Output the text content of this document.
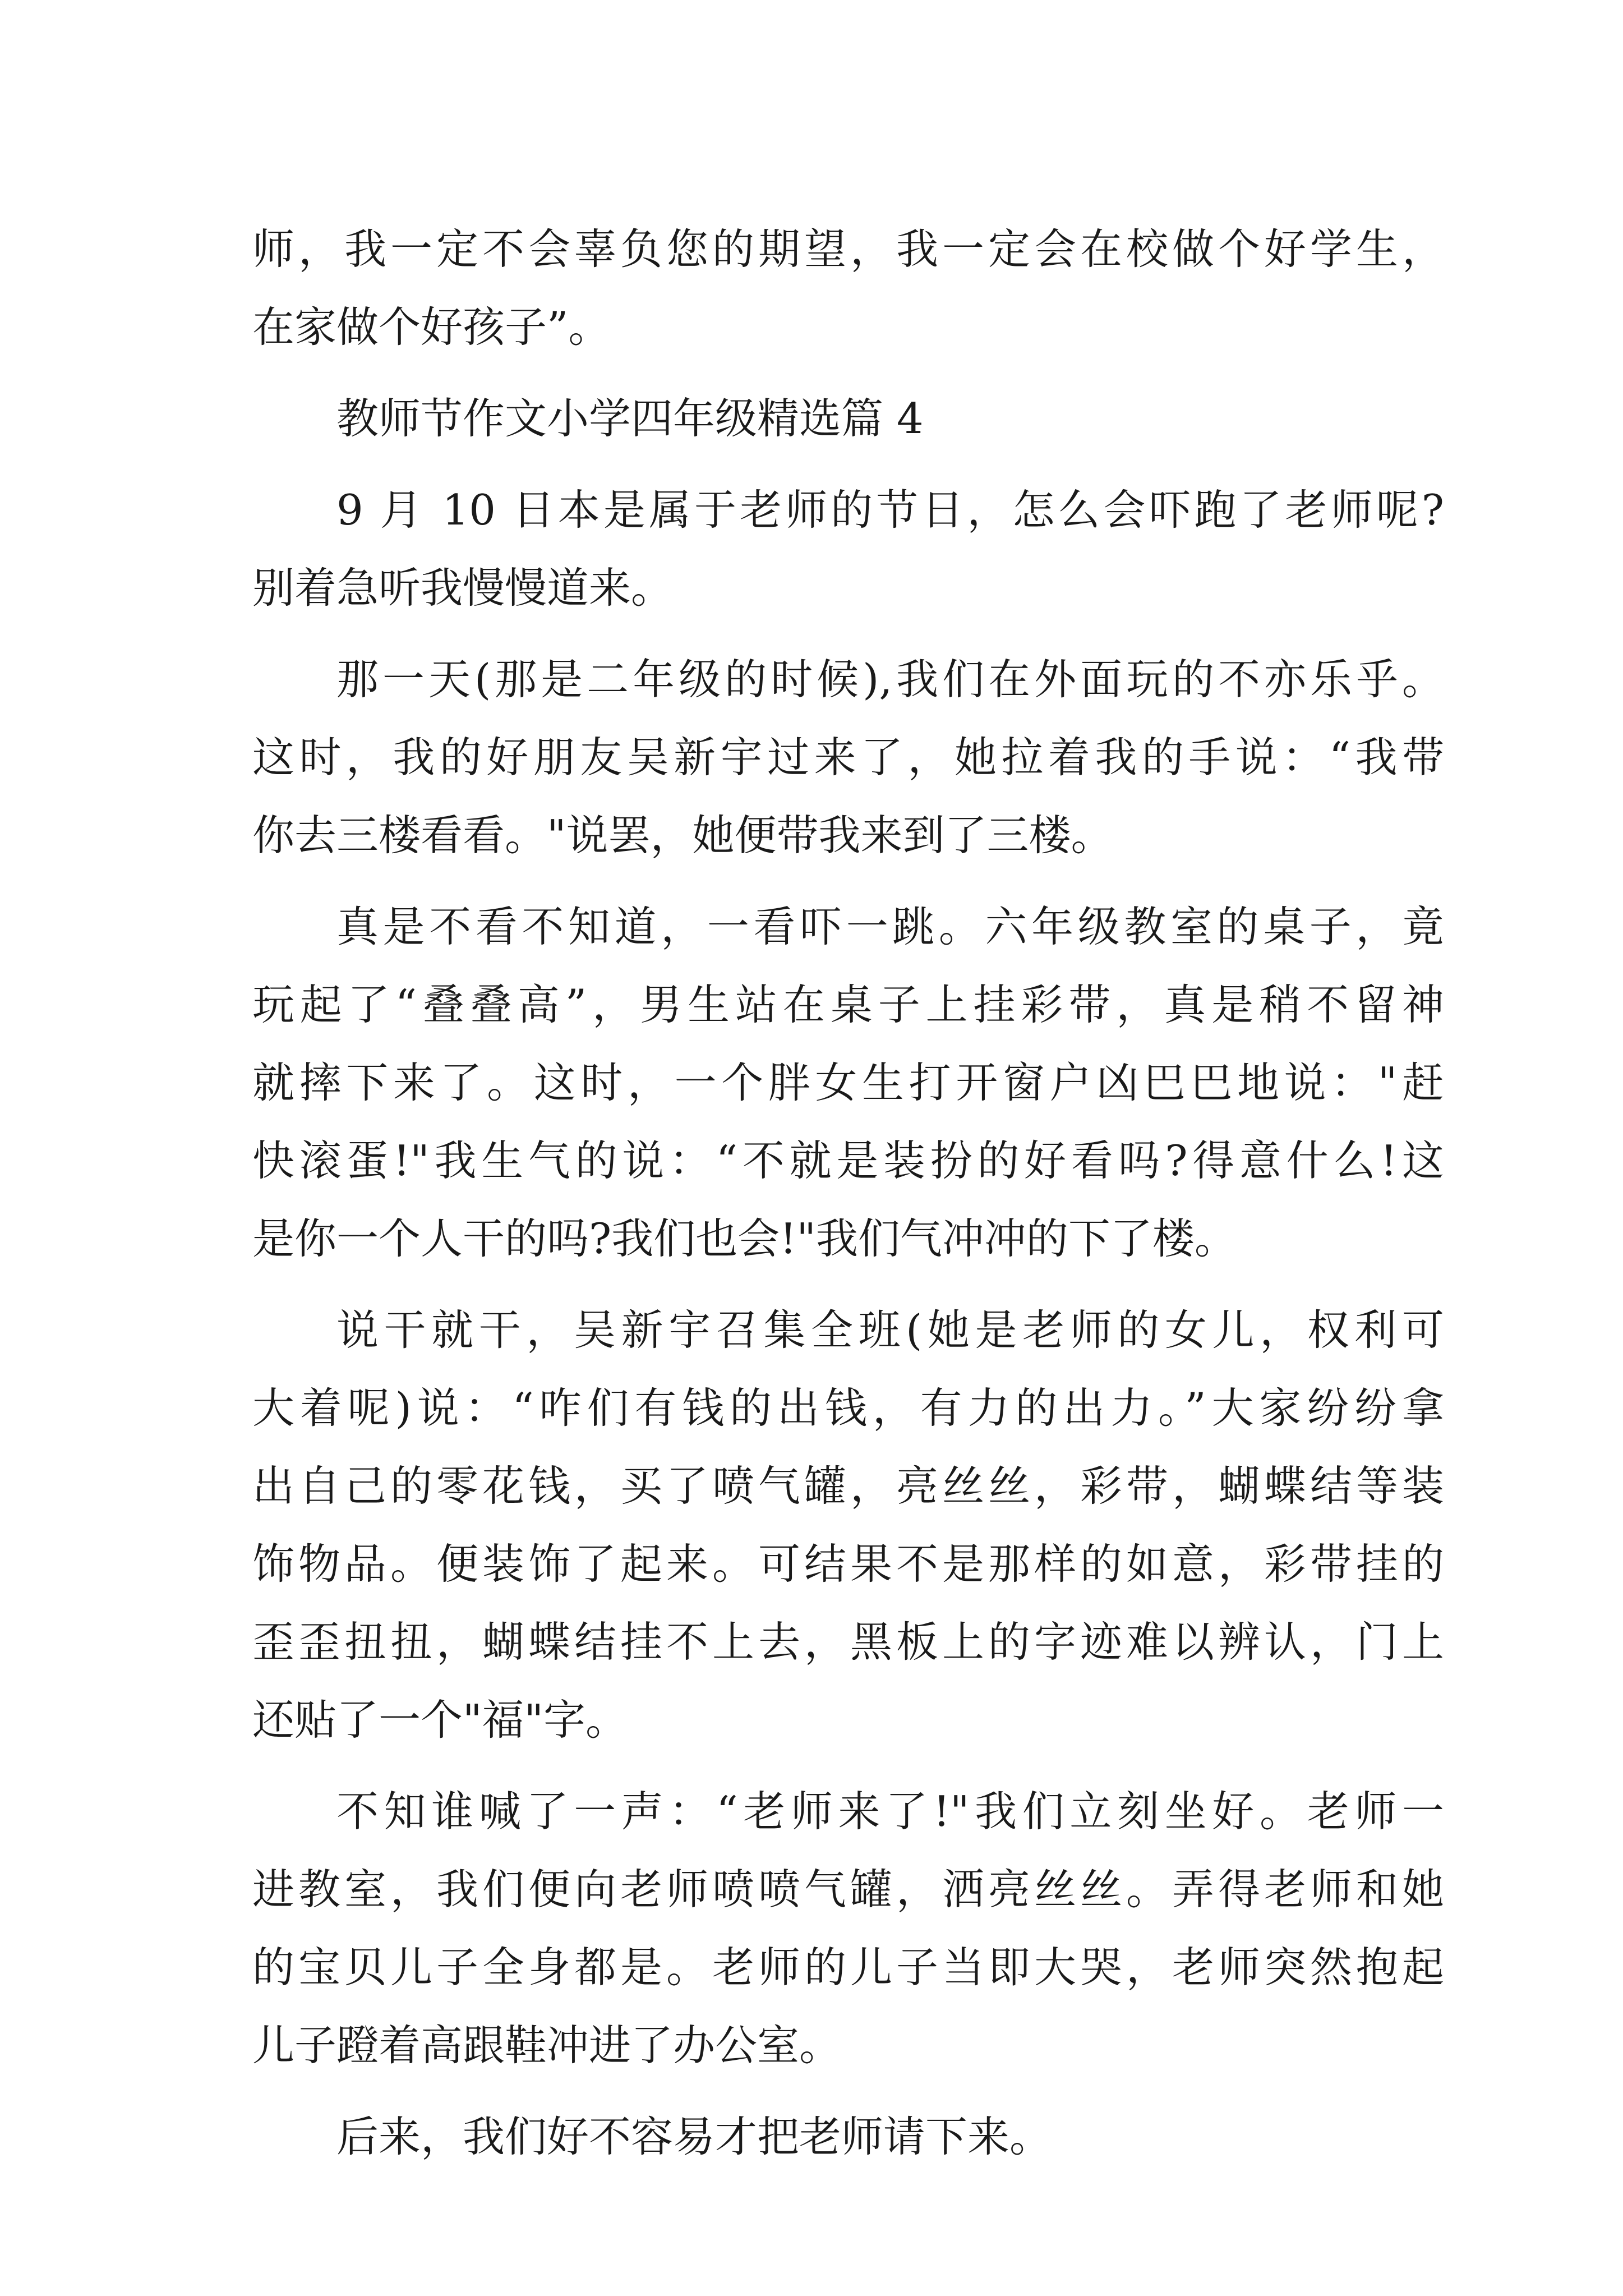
师，我一定不会辜负您的期望，我一定会在校做个好学生，
在家做个好孩子”。
教师节作文小学四年级精选篇 4
9 月 10 日本是属于老师的节日，怎么会吓跑了老师呢?
别着急听我慢慢道来。
那一天(那是二年级的时候),我们在外面玩的不亦乐乎。
这时，我的好朋友吴新宇过来了，她拉着我的手说：“我带
你去三楼看看。"说罢，她便带我来到了三楼。
真是不看不知道，一看吓一跳。六年级教室的桌子，竟
玩起了“叠叠高”，男生站在桌子上挂彩带，真是稍不留神
就摔下来了。这时，一个胖女生打开窗户凶巴巴地说："赶
快滚蛋!"我生气的说：“不就是装扮的好看吗?得意什么!这
是你一个人干的吗?我们也会!"我们气冲冲的下了楼。
说干就干，吴新宇召集全班(她是老师的女儿，权利可
大着呢)说：“咋们有钱的出钱，有力的出力。”大家纷纷拿
出自己的零花钱，买了喷气罐，亮丝丝，彩带，蝴蝶结等装
饰物品。便装饰了起来。可结果不是那样的如意，彩带挂的
歪歪扭扭，蝴蝶结挂不上去，黑板上的字迹难以辨认，门上
还贴了一个"福"字。
不知谁喊了一声：“老师来了!"我们立刻坐好。老师一
进教室，我们便向老师喷喷气罐，洒亮丝丝。弄得老师和她
的宝贝儿子全身都是。老师的儿子当即大哭，老师突然抱起
儿子蹬着高跟鞋冲进了办公室。
后来，我们好不容易才把老师请下来。
